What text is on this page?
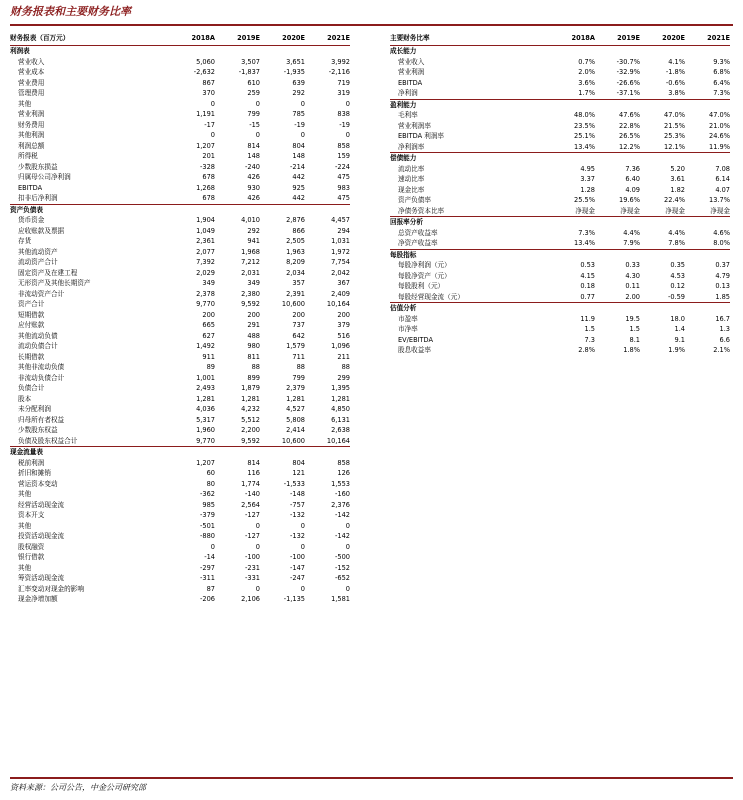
财务报表和主要财务比率
财务报表（百万元）	2018A	2019E	2020E	2021E
利润表				
营业收入	5,060	3,507	3,651	3,992
营业成本	-2,632	-1,837	-1,935	-2,116
营业费用	867	610	639	719
管理费用	370	259	292	319
其他	0	0	0	0
营业利润	1,191	799	785	838
财务费用	-17	-15	-19	-19
其他利润	0	0	0	0
利润总额	1,207	814	804	858
所得税	201	148	148	159
少数股东损益	-328	-240	-214	-224
归属母公司净利润	678	426	442	475
EBITDA	1,268	930	925	983
扣非后净利润	678	426	442	475
资产负债表				
货币资金	1,904	4,010	2,876	4,457
应收账款及票据	1,049	292	866	294
存货	2,361	941	2,505	1,031
其他流动资产	2,077	1,968	1,963	1,972
流动资产合计	7,392	7,212	8,209	7,754
固定资产及在建工程	2,029	2,031	2,034	2,042
无形资产及其他长期资产	349	349	357	367
非流动资产合计	2,378	2,380	2,391	2,409
资产合计	9,770	9,592	10,600	10,164
短期借款	200	200	200	200
应付账款	665	291	737	379
其他流动负债	627	488	642	516
流动负债合计	1,492	980	1,579	1,096
长期借款	911	811	711	211
其他非流动负债	89	88	88	88
非流动负债合计	1,001	899	799	299
负债合计	2,493	1,879	2,379	1,395
股本	1,281	1,281	1,281	1,281
未分配利润	4,036	4,232	4,527	4,850
归母所有者权益	5,317	5,512	5,808	6,131
少数股东权益	1,960	2,200	2,414	2,638
负债及股东权益合计	9,770	9,592	10,600	10,164
现金流量表				
税前利润	1,207	814	804	858
折旧和摊销	60	116	121	126
营运资本变动	80	1,774	-1,533	1,553
其他	-362	-140	-148	-160
经营活动现金流	985	2,564	-757	2,376
资本开支	-379	-127	-132	-142
其他	-501	0	0	0
投资活动现金流	-880	-127	-132	-142
股权融资	0	0	0	0
银行借款	-14	-100	-100	-500
其他	-297	-231	-147	-152
筹资活动现金流	-311	-331	-247	-652
汇率变动对现金的影响	87	0	0	0
现金净增加额	-206	2,106	-1,135	1,581
主要财务比率	2018A	2019E	2020E	2021E
成长能力				
营业收入	0.7%	-30.7%	4.1%	9.3%
营业利润	2.0%	-32.9%	-1.8%	6.8%
EBITDA	3.6%	-26.6%	-0.6%	6.4%
净利润	1.7%	-37.1%	3.8%	7.3%
盈利能力				
毛利率	48.0%	47.6%	47.0%	47.0%
营业利润率	23.5%	22.8%	21.5%	21.0%
EBITDA 利润率	25.1%	26.5%	25.3%	24.6%
净利润率	13.4%	12.2%	12.1%	11.9%
偿债能力				
流动比率	4.95	7.36	5.20	7.08
速动比率	3.37	6.40	3.61	6.14
现金比率	1.28	4.09	1.82	4.07
资产负债率	25.5%	19.6%	22.4%	13.7%
净债务资本比率	净现金	净现金	净现金	净现金
回报率分析				
总资产收益率	7.3%	4.4%	4.4%	4.6%
净资产收益率	13.4%	7.9%	7.8%	8.0%
每股指标				
每股净利润（元）	0.53	0.33	0.35	0.37
每股净资产（元）	4.15	4.30	4.53	4.79
每股股利（元）	0.18	0.11	0.12	0.13
每股经营现金流（元）	0.77	2.00	-0.59	1.85
估值分析				
市盈率	11.9	19.5	18.0	16.7
市净率	1.5	1.5	1.4	1.3
EV/EBITDA	7.3	8.1	9.1	6.6
股息收益率	2.8%	1.8%	1.9%	2.1%
资料来源：公司公告，中金公司研究部
